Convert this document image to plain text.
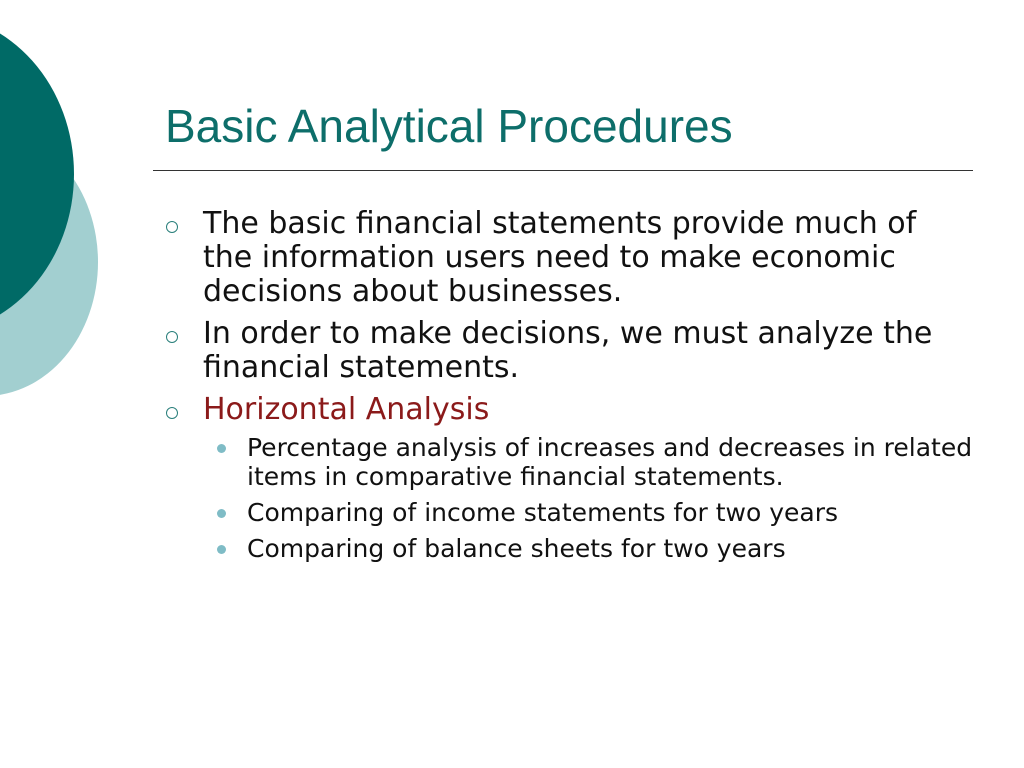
Basic Analytical Procedures
The basic financial statements provide much of the information users need to make economic decisions about businesses.
In order to make decisions, we must analyze the financial statements.
Horizontal Analysis
Percentage analysis of increases and decreases in related items in comparative financial statements.
Comparing of income statements for two years
Comparing of balance sheets for two years
